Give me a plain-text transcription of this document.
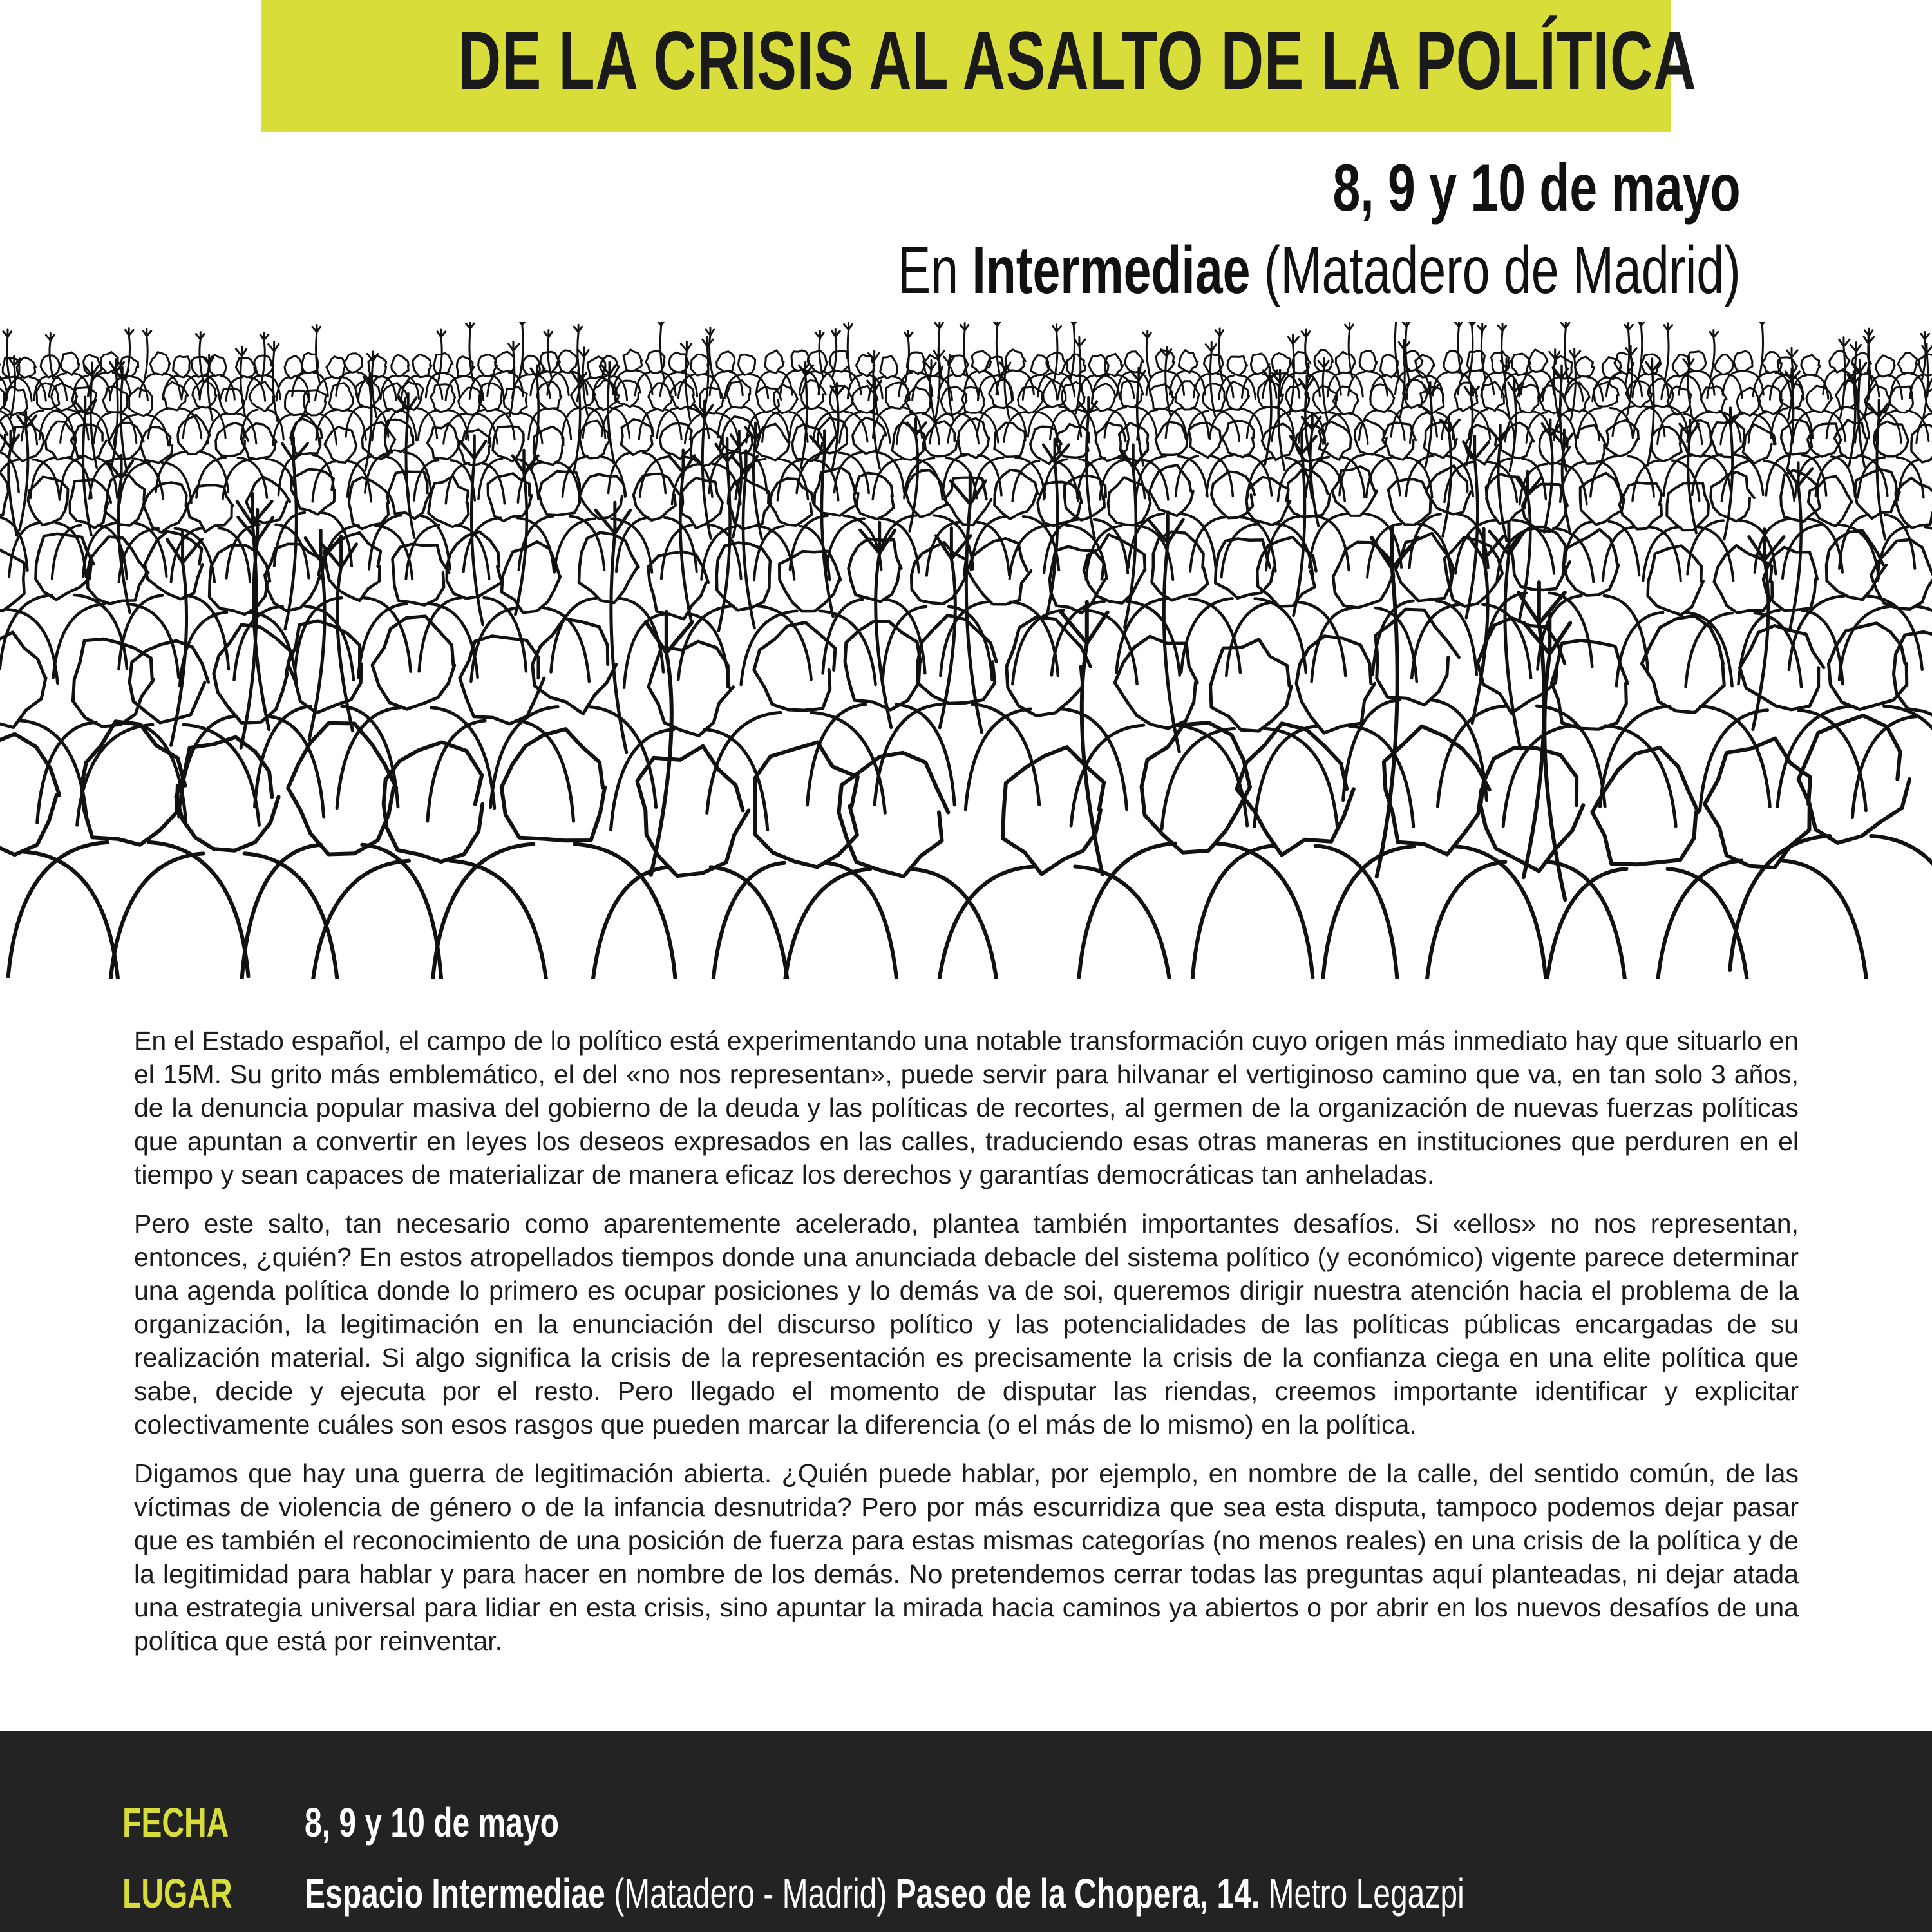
DE LA CRISIS AL ASALTO DE LA POLÍTICA
8, 9 y 10 de mayo
En Intermediae (Matadero de Madrid)

En el Estado español, el campo de lo político está experimentando una notable transformación cuyo origen más inmediato hay que situarlo en el 15M. Su grito más emblemático, el del «no nos representan», puede servir para hilvanar el vertiginoso camino que va, en tan solo 3 años, de la denuncia popular masiva del gobierno de la deuda y las políticas de recortes, al germen de la organización de nuevas fuerzas políticas que apuntan a convertir en leyes los deseos expresados en las calles, traduciendo esas otras maneras en instituciones que perduren en el tiempo y sean capaces de materializar de manera eficaz los derechos y garantías democráticas tan anheladas.

Pero este salto, tan necesario como aparentemente acelerado, plantea también importantes desafíos. Si «ellos» no nos representan, entonces, ¿quién? En estos atropellados tiempos donde una anunciada debacle del sistema político (y económico) vigente parece determinar una agenda política donde lo primero es ocupar posiciones y lo demás va de soi, queremos dirigir nuestra atención hacia el problema de la organización, la legitimación en la enunciación del discurso político y las potencialidades de las políticas públicas encargadas de su realización material. Si algo significa la crisis de la representación es precisamente la crisis de la confianza ciega en una elite política que sabe, decide y ejecuta por el resto. Pero llegado el momento de disputar las riendas, creemos importante identificar y explicitar colectivamente cuáles son esos rasgos que pueden marcar la diferencia (o el más de lo mismo) en la política.

Digamos que hay una guerra de legitimación abierta. ¿Quién puede hablar, por ejemplo, en nombre de la calle, del sentido común, de las víctimas de violencia de género o de la infancia desnutrida? Pero por más escurridiza que sea esta disputa, tampoco podemos dejar pasar que es también el reconocimiento de una posición de fuerza para estas mismas categorías (no menos reales) en una crisis de la política y de la legitimidad para hablar y para hacer en nombre de los demás. No pretendemos cerrar todas las preguntas aquí planteadas, ni dejar atada una estrategia universal para lidiar en esta crisis, sino apuntar la mirada hacia caminos ya abiertos o por abrir en los nuevos desafíos de una política que está por reinventar.

FECHA 8, 9 y 10 de mayo
LUGAR Espacio Intermediae (Matadero - Madrid) Paseo de la Chopera, 14. Metro Legazpi
